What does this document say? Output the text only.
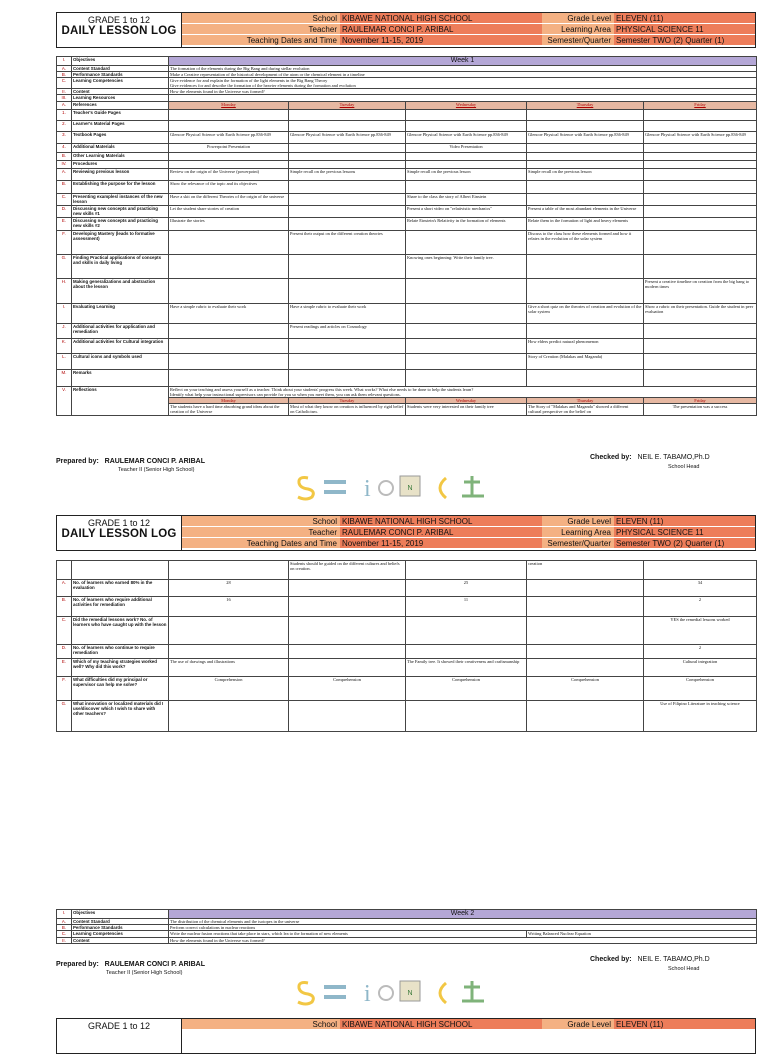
GRADE 1 to 12
DAILY LESSON LOG
School KIBAWE NATIONAL HIGH SCHOOL	Grade Level ELEVEN (11)
Teacher RAULEMAR CONCI P. ARIBAL	Learning Area PHYSICAL SCIENCE 11
Teaching Dates and Time November 11-15, 2019	Semester/Quarter Semester TWO (2) Quarter (1)
I.	Objectives	Week 1				
A.	Content Standard	The formation of the elements during the Big Bang and during stellar evolution				
B.	Performance Standards	Make a Creative representation of the historical development of the atom or the chemical element in a timeline				
C.	Learning Competencies	Give evidence for and explain the formation of the light elements in the Big Bang Theory
Give evidences for and describe the formation of the heavier elements during the formation and evolution				

II.	Content	How the elements found in the Universe was formed?				
III.	Learning Resources					
A.	References	Monday	Tuesday	Wednesday	Thursday	Friday
1.	Teacher's Guide Pages					
2.	Learner's Material Pages					
3.	Textbook Pages	Glencoe Physical Science with Earth Science pp.836-849	Glencoe Physical Science with Earth Science pp.836-849	Glencoe Physical Science with Earth Science pp.836-849	Glencoe Physical Science with Earth Science pp.836-849	Glencoe Physical Science with Earth Science pp.836-849
4.	Additional Materials	Powerpoint Presentation		Video Presentation		
B.	Other Learning Materials					
IV.	Procedures					
A.	Reviewing previous lesson	Review on the origin of the Universe (powerpoint)	Simple recall on the previous lessons	Simple recall on the previous lesson	Simple recall on the previous lesson	
B.	Establishing the purpose for the lesson	Show the relevance of the topic and its objectives				
C.	Presenting examples/ instances of the new lesson	Have a skit on the different Theories of the origin of the universe		Share to the class the story of Albert Einstein		
D.	Discussing new concepts and practicing new skills #1	Let the student share stories of creation		Present a short video on "relativistic mechanics"	Present a table of the most abundant elements in the Universe	
E.	Discussing new concepts and practicing new skills #2	Illustrate the stories		Relate Einstein's Relativity in the formation of elements	Relate them in the formation of light and heavy elements	
F.	Developing Mastery (leads to formative assessment)		Present their output on the different creation theories		Discuss to the class how these elements formed and how it relates in the evolution of the solar system	
G.	Finding Practical applications of concepts and skills in daily living			Knowing ones beginning: Write their family tree.		
H.	Making generalizations and abstraction about the lesson					Present a creative timeline on creation from the big bang to modern times
I.	Evaluating Learning	Have a simple rubric to evaluate their work	Have a simple rubric to evaluate their work		Give a short quiz on the theories of creation and evolution of the solar system	Show a rubric on their presentation. Guide the student in peer evaluation
J.	Additional activities for application and remediation		Present readings and articles on Cosmology			
K.	Additional activities for Cultural integration				How elders predict natural phenomenon	
L.	Cultural icons and symbols used				Story of Creation (Malakas and Maganda)	
M.	Remarks					
V.	Reflections	Reflect on your teaching and assess yourself as a teacher. Think about your students' progress this week. What works? What else needs to be done to help the students learn?
Identify what help your instructional supervisors can provide for you so when you meet them, you can ask them relevant questions.				

		Monday	Tuesday	Wednesday	Thursday	Friday
		The students have a hard time absorbing grand ideas about the creation of the Universe	Most of what they know on creation is influenced by rigid belief on Catholicism.	Students were very interested on their family tree	The Story of "Malakas and Maganda" showed a different cultural perspective on the belief on	The presentation was a success
Prepared by: RAULEMAR CONCI P. ARIBAL
Teacher II (Senior High School)
Checked by: NEIL E. TABAMO,Ph.D
School Head
i	N
GRADE 1 to 12
DAILY LESSON LOG
School KIBAWE NATIONAL HIGH SCHOOL	Grade Level ELEVEN (11)
Teacher RAULEMAR CONCI P. ARIBAL	Learning Area PHYSICAL SCIENCE 11
Teaching Dates and Time November 11-15, 2019	Semester/Quarter Semester TWO (2) Quarter (1)
			Students should be guided on the different cultures and beliefs on creation.		creation	
A.	No. of learners who earned 80% in the evaluation	28		25		34
B.	No. of learners who require additional activities for remediation	16		11		2
C.	Did the remedial lessons work? No. of learners who have caught up with the lesson					YES the remedial lessons worked
D.	No. of learners who continue to require remediation					2
E.	Which of my teaching strategies worked well? Why did this work?	The use of drawings and illustrations		The Family tree. It showed their creativeness and craftsmanship		Cultural integration
F.	What difficulties did my principal or supervisor can help me solve?	Comprehension	Comprehension	Comprehension	Comprehension	Comprehension
G.	What innovation or localized materials did I use/discover which I wish to share with other teachers?					Use of Filipino Literature in teaching science
I.	Objectives	Week 2	
A.	Content Standard	The distribution of the chemical elements and the isotopes in the universe	
B.	Performance Standards	Perform correct calculations in nuclear reactions	
C.	Learning Competencies	Write the nuclear fusion reactions that take place in stars, which lea to the formation of new elements	Writing Balanced Nuclear Equation
II.	Content	How the elements found in the Universe was formed?	
Prepared by: RAULEMAR CONCI P. ARIBAL
Teacher II (Senior High School)
Checked by: NEIL E. TABAMO,Ph.D
School Head
i	N
GRADE 1 to 12	School KIBAWE NATIONAL HIGH SCHOOL	Grade Level ELEVEN (11)
